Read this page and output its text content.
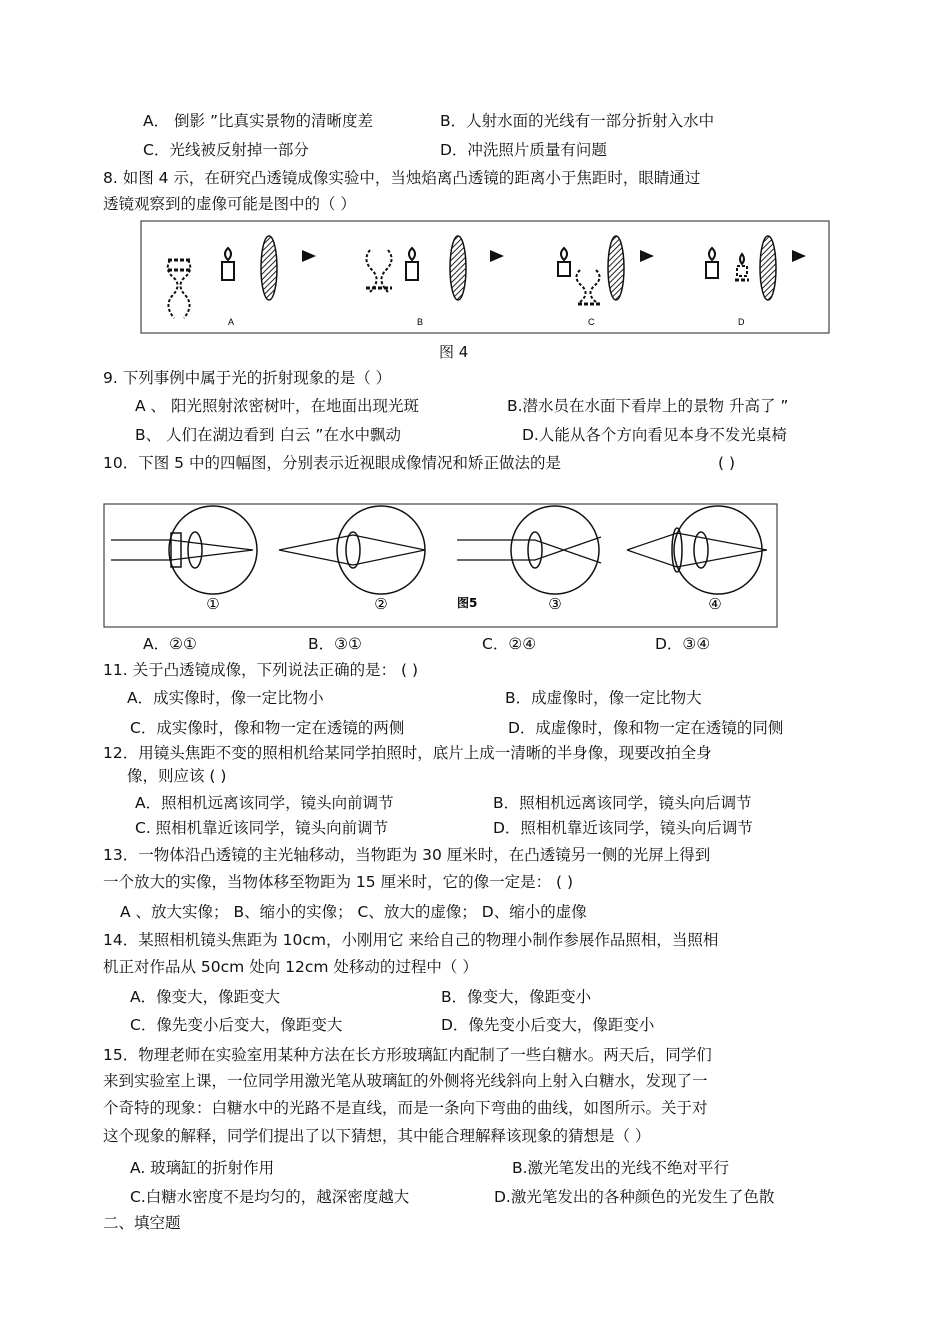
A． 倒影 ”比真实景物的清晰度差	B．人射水面的光线有一部分折射入水中
C．光线被反射掉一部分	D．冲洗照片质量有问题
8. 如图 4 示，在研究凸透镜成像实验中，当烛焰离凸透镜的距离小于焦距时，眼睛通过
透镜观察到的虚像可能是图中的（ ）
A	B	C	D
图 4
9. 下列事例中属于光的折射现象的是（ ）
A 、 阳光照射浓密树叶，在地面出现光斑	B.潜水员在水面下看岸上的景物 升高了 ”
B、 人们在湖边看到 白云 ”在水中飘动	D.人能从各个方向看见本身不发光桌椅
10．下图 5 中的四幅图，分别表示近视眼成像情况和矫正做法的是	( )
①	②	图5	③	④
A．②①	B．③①	C．②④	D．③④
11. 关于凸透镜成像，下列说法正确的是： ( )
A．成实像时，像一定比物小	B．成虚像时，像一定比物大
C．成实像时，像和物一定在透镜的两侧	D．成虚像时，像和物一定在透镜的同侧
12．用镜头焦距不变的照相机给某同学拍照时，底片上成一清晰的半身像，现要改拍全身
像，则应该 ( )
A．照相机远离该同学，镜头向前调节	B．照相机远离该同学，镜头向后调节
C. 照相机靠近该同学，镜头向前调节	D．照相机靠近该同学，镜头向后调节
13．一物体沿凸透镜的主光轴移动，当物距为 30 厘米时，在凸透镜另一侧的光屏上得到
一个放大的实像，当物体移至物距为 15 厘米时，它的像一定是： ( )
A 、放大实像； B、缩小的实像； C、放大的虚像； D、缩小的虚像
14．某照相机镜头焦距为 10cm，小刚用它 来给自己的物理小制作参展作品照相，当照相
机正对作品从 50cm 处向 12cm 处移动的过程中（ ）
A．像变大，像距变大	B．像变大，像距变小
C．像先变小后变大，像距变大	D．像先变小后变大，像距变小
15．物理老师在实验室用某种方法在长方形玻璃缸内配制了一些白糖水。两天后，同学们
来到实验室上课，一位同学用激光笔从玻璃缸的外侧将光线斜向上射入白糖水，发现了一
个奇特的现象：白糖水中的光路不是直线，而是一条向下弯曲的曲线，如图所示。关于对
这个现象的解释，同学们提出了以下猜想，其中能合理解释该现象的猜想是（ ）
A. 玻璃缸的折射作用	B.激光笔发出的光线不绝对平行
C.白糖水密度不是均匀的，越深密度越大	D.激光笔发出的各种颜色的光发生了色散
二、填空题
